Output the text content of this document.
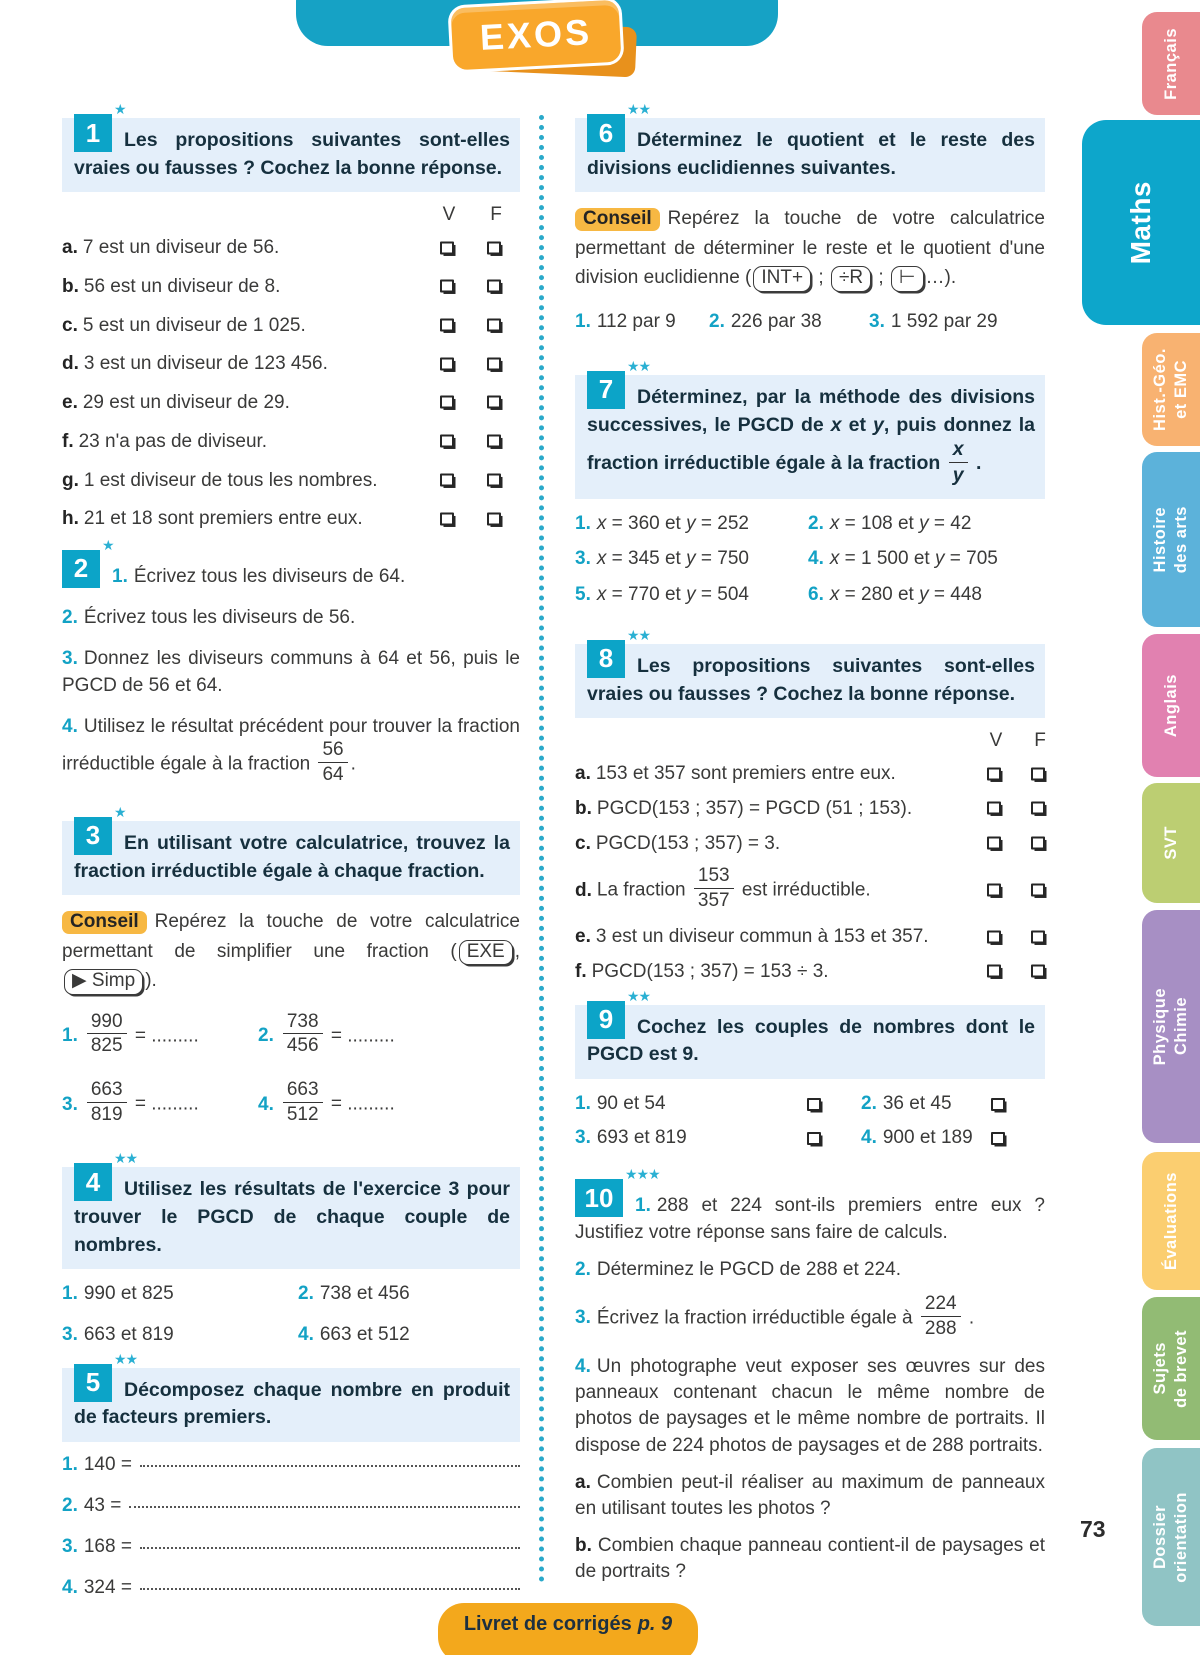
EXOS
1
★
Les propositions suivantes sont-elles vraies ou fausses ? Cochez la bonne réponse.
V F
a. 7 est un diviseur de 56.
b. 56 est un diviseur de 8.
c. 5 est un diviseur de 1 025.
d. 3 est un diviseur de 123 456.
e. 29 est un diviseur de 29.
f. 23 n'a pas de diviseur.
g. 1 est diviseur de tous les nombres.
h. 21 et 18 sont premiers entre eux.
2
★

1. Écrivez tous les diviseurs de 64.

2. Écrivez tous les diviseurs de 56.

3. Donnez les diviseurs communs à 64 et 56, puis le PGCD de 56 et 64.

4. Utilisez le résultat précédent pour trouver la fraction irréductible égale à la fraction $\frac{56}{64}$ .

3
★
En utilisant votre calculatrice, trouvez la fraction irréductible égale à chaque fraction.

Conseil Repérez la touche de votre calculatrice permettant de simplifier une fraction ( EXE , ▶ Simp ).

1. $\frac{990}{825}$ = .........	2. $\frac{738}{456}$ = .........

3. $\frac{663}{819}$ = .........	4. $\frac{663}{512}$ = .........

4
★★
Utilisez les résultats de l'exercice 3 pour trouver le PGCD de chaque couple de nombres.

1. 990 et 825	2. 738 et 456

3. 663 et 819	4. 663 et 512

5
★★
Décomposez chaque nombre en produit de facteurs premiers.
1. 140 =
2. 43 =
3. 168 =
4. 324 =
6
★★
Déterminez le quotient et le reste des divisions euclidiennes suivantes.

Conseil Repérez la touche de votre calculatrice permettant de déterminer le reste et le quotient d'une division euclidienne ( INT+ ; ÷R ; ⊢ …).

1. 112 par 9	2. 226 par 38	3. 1 592 par 29

7
★★
Déterminez, par la méthode des divisions successives, le PGCD de x et y, puis donnez la fraction irréductible égale à la fraction $\frac{x}{y}$ .

1. x = 360 et y = 252	2. x = 108 et y = 42

3. x = 345 et y = 750	4. x = 1 500 et y = 705

5. x = 770 et y = 504	6. x = 280 et y = 448

8
★★
Les propositions suivantes sont-elles vraies ou fausses ? Cochez la bonne réponse.
V F
a. 153 et 357 sont premiers entre eux.
b. PGCD(153 ; 357) = PGCD (51 ; 153).
c. PGCD(153 ; 357) = 3.
d. La fraction $\frac{153}{357}$ est irréductible.
e. 3 est un diviseur commun à 153 et 357.
f. PGCD(153 ; 357) = 153 ÷ 3.
9
★★
Cochez les couples de nombres dont le PGCD est 9.

1. 90 et 54	2. 36 et 45

3. 693 et 819	4. 900 et 189

10
★★★

1. 288 et 224 sont-ils premiers entre eux ? Justifiez votre réponse sans faire de calculs.

2. Déterminez le PGCD de 288 et 224.

3. Écrivez la fraction irréductible égale à $\frac{224}{288}$ .

4. Un photographe veut exposer ses œuvres sur des panneaux contenant chacun le même nombre de photos de paysages et le même nombre de portraits. Il dispose de 224 photos de paysages et de 288 portraits.

a. Combien peut-il réaliser au maximum de panneaux en utilisant toutes les photos ?

b. Combien chaque panneau contient-il de paysages et de portraits ?

Français
Maths
Hist.-Géo. et EMC
Histoire des arts
Anglais
SVT
Physique Chimie
Évaluations
Sujets de brevet
Dossier orientation
Livret de corrigés p. 9
73
